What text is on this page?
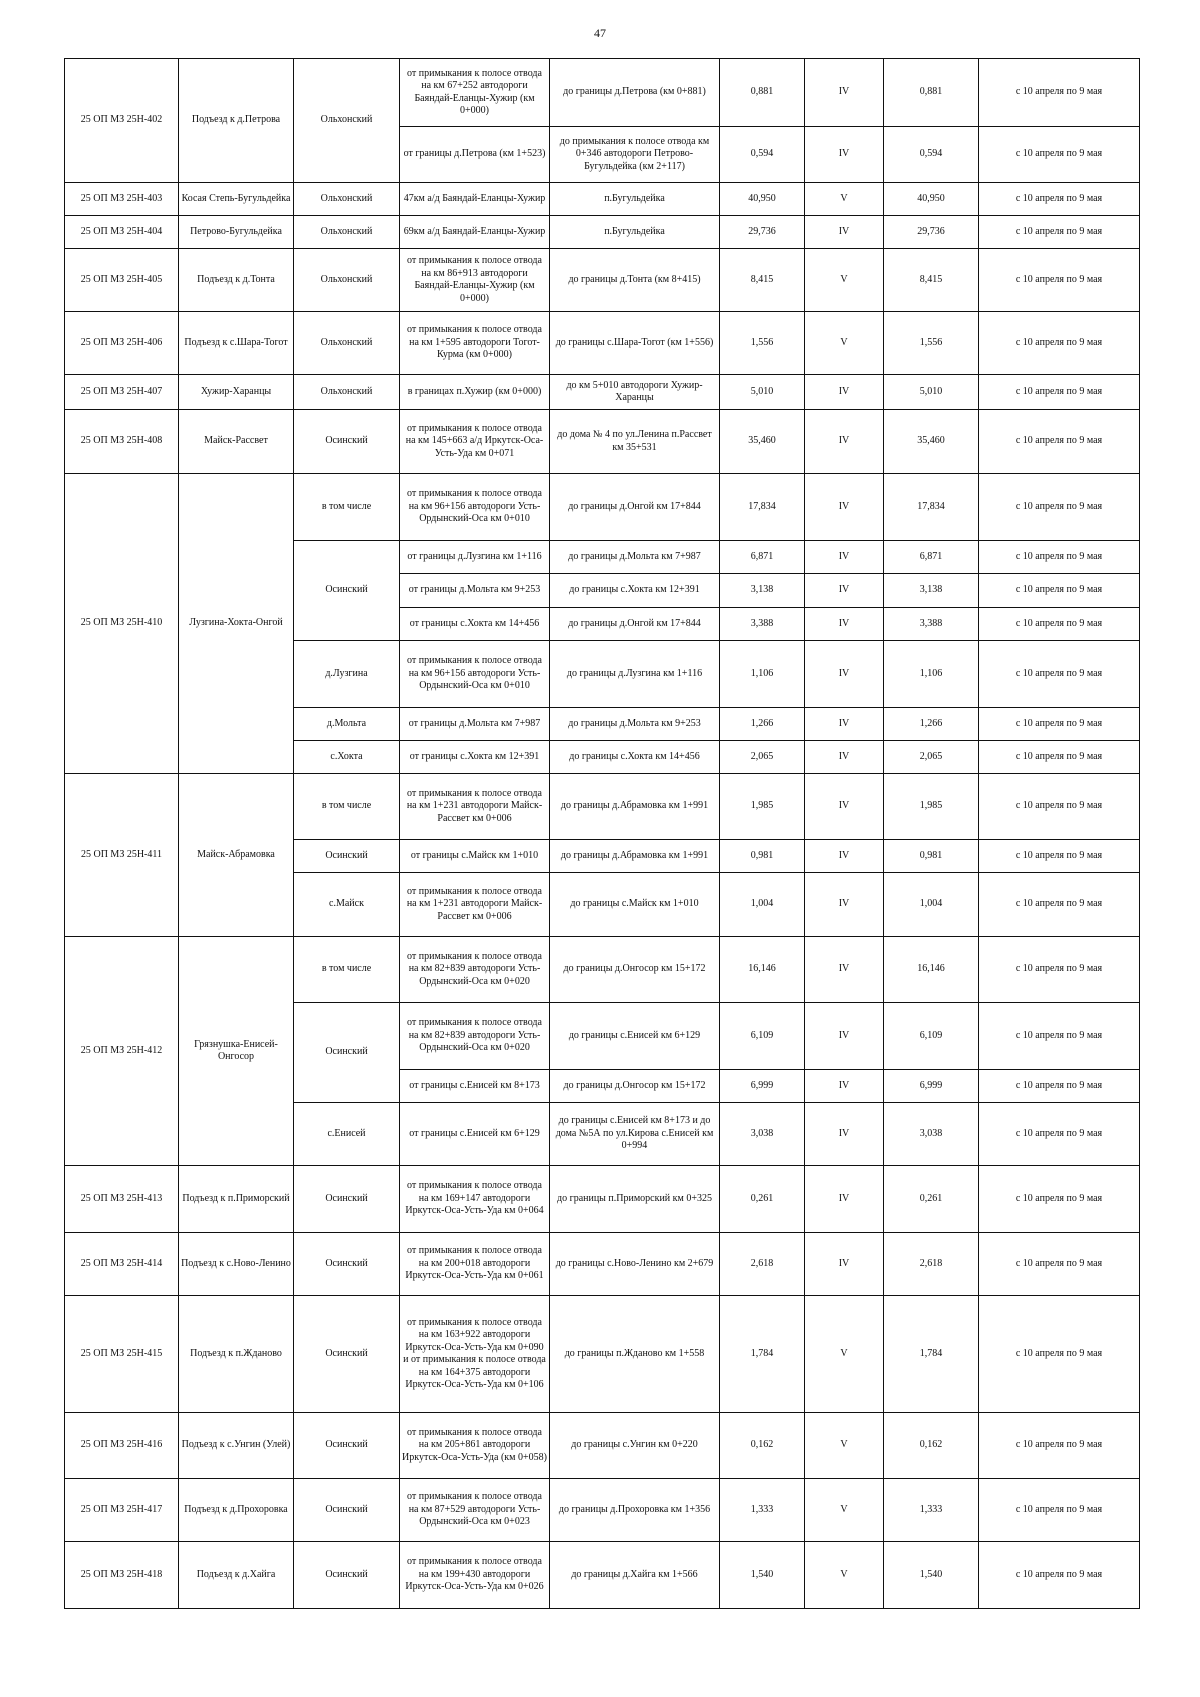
47
25 ОП МЗ 25Н-402	Подъезд к д.Петрова	Ольхонский	от примыкания к полосе отвода на км 67+252 автодороги Баяндай-Еланцы-Хужир (км 0+000)	до границы д.Петрова (км 0+881)	0,881	IV	0,881	с 10 апреля по 9 мая
			от границы д.Петрова (км 1+523)	до примыкания к полосе отвода км 0+346 автодороги Петрово-Бугульдейка (км 2+117)	0,594	IV	0,594	с 10 апреля по 9 мая
25 ОП МЗ 25Н-403	Косая Степь-Бугульдейка	Ольхонский	47км а/д Баяндай-Еланцы-Хужир	п.Бугульдейка	40,950	V	40,950	с 10 апреля по 9 мая
25 ОП МЗ 25Н-404	Петрово-Бугульдейка	Ольхонский	69км а/д Баяндай-Еланцы-Хужир	п.Бугульдейка	29,736	IV	29,736	с 10 апреля по 9 мая
25 ОП МЗ 25Н-405	Подъезд к д.Тонта	Ольхонский	от примыкания к полосе отвода на км 86+913 автодороги Баяндай-Еланцы-Хужир (км 0+000)	до границы д.Тонта (км 8+415)	8,415	V	8,415	с 10 апреля по 9 мая
25 ОП МЗ 25Н-406	Подъезд к с.Шара-Тогот	Ольхонский	от примыкания к полосе отвода на км 1+595 автодороги Тогот-Курма (км 0+000)	до границы с.Шара-Тогот (км 1+556)	1,556	V	1,556	с 10 апреля по 9 мая
25 ОП МЗ 25Н-407	Хужир-Харанцы	Ольхонский	в границах п.Хужир (км 0+000)	до км 5+010 автодороги Хужир-Харанцы	5,010	IV	5,010	с 10 апреля по 9 мая
25 ОП МЗ 25Н-408	Майск-Рассвет	Осинский	от примыкания к полосе отвода на км 145+663 а/д Иркутск-Оса-Усть-Уда км 0+071	до дома № 4 по ул.Ленина п.Рассвет км 35+531	35,460	IV	35,460	с 10 апреля по 9 мая
25 ОП МЗ 25Н-410	Лузгина-Хокта-Онгой	в том числе	от примыкания к полосе отвода на км 96+156 автодороги Усть-Ордынский-Оса км 0+010	до границы д.Онгой км 17+844	17,834	IV	17,834	с 10 апреля по 9 мая
		Осинский	от границы д.Лузгина км 1+116	до границы д.Мольта км 7+987	6,871	IV	6,871	с 10 апреля по 9 мая
			от границы д.Мольта км 9+253	до границы с.Хокта км 12+391	3,138	IV	3,138	с 10 апреля по 9 мая
			от границы с.Хокта км 14+456	до границы д.Онгой км 17+844	3,388	IV	3,388	с 10 апреля по 9 мая
		д.Лузгина	от примыкания к полосе отвода на км 96+156 автодороги Усть-Ордынский-Оса км 0+010	до границы д.Лузгина км 1+116	1,106	IV	1,106	с 10 апреля по 9 мая
		д.Мольта	от границы д.Мольта км 7+987	до границы д.Мольта км 9+253	1,266	IV	1,266	с 10 апреля по 9 мая
		с.Хокта	от границы с.Хокта км 12+391	до границы с.Хокта км 14+456	2,065	IV	2,065	с 10 апреля по 9 мая
25 ОП МЗ 25Н-411	Майск-Абрамовка	в том числе	от примыкания к полосе отвода на км 1+231 автодороги Майск-Рассвет км 0+006	до границы д.Абрамовка км 1+991	1,985	IV	1,985	с 10 апреля по 9 мая
		Осинский	от границы с.Майск км 1+010	до границы д.Абрамовка км 1+991	0,981	IV	0,981	с 10 апреля по 9 мая
		с.Майск	от примыкания к полосе отвода на км 1+231 автодороги Майск-Рассвет км 0+006	до границы с.Майск км 1+010	1,004	IV	1,004	с 10 апреля по 9 мая
25 ОП МЗ 25Н-412	Грязнушка-Енисей-Онгосор	в том числе	от примыкания к полосе отвода на км 82+839 автодороги Усть-Ордынский-Оса км 0+020	до границы д.Онгосор км 15+172	16,146	IV	16,146	с 10 апреля по 9 мая
		Осинский	от примыкания к полосе отвода на км 82+839 автодороги Усть-Ордынский-Оса км 0+020	до границы с.Енисей км 6+129	6,109	IV	6,109	с 10 апреля по 9 мая
			от границы с.Енисей км 8+173	до границы д.Онгосор км 15+172	6,999	IV	6,999	с 10 апреля по 9 мая
		с.Енисей	от границы с.Енисей км 6+129	до границы с.Енисей км 8+173 и до дома №5А по ул.Кирова с.Енисей км 0+994	3,038	IV	3,038	с 10 апреля по 9 мая
25 ОП МЗ 25Н-413	Подъезд к п.Приморский	Осинский	от примыкания к полосе отвода на км 169+147 автодороги Иркутск-Оса-Усть-Уда км 0+064	до границы п.Приморский км 0+325	0,261	IV	0,261	с 10 апреля по 9 мая
25 ОП МЗ 25Н-414	Подъезд к с.Ново-Ленино	Осинский	от примыкания к полосе отвода на км 200+018 автодороги Иркутск-Оса-Усть-Уда км 0+061	до границы с.Ново-Ленино км 2+679	2,618	IV	2,618	с 10 апреля по 9 мая
25 ОП МЗ 25Н-415	Подъезд к п.Жданово	Осинский	от примыкания к полосе отвода на км 163+922 автодороги Иркутск-Оса-Усть-Уда км 0+090 и от примыкания к полосе отвода на км 164+375 автодороги Иркутск-Оса-Усть-Уда км 0+106	до границы п.Жданово км 1+558	1,784	V	1,784	с 10 апреля по 9 мая
25 ОП МЗ 25Н-416	Подъезд к с.Унгин (Улей)	Осинский	от примыкания к полосе отвода на км 205+861 автодороги Иркутск-Оса-Усть-Уда (км 0+058)	до границы с.Унгин км 0+220	0,162	V	0,162	с 10 апреля по 9 мая
25 ОП МЗ 25Н-417	Подъезд к д.Прохоровка	Осинский	от примыкания к полосе отвода на км 87+529 автодороги Усть-Ордынский-Оса км 0+023	до границы д.Прохоровка км 1+356	1,333	V	1,333	с 10 апреля по 9 мая
25 ОП МЗ 25Н-418	Подъезд к д.Хайга	Осинский	от примыкания к полосе отвода на км 199+430 автодороги Иркутск-Оса-Усть-Уда км 0+026	до границы д.Хайга км 1+566	1,540	V	1,540	с 10 апреля по 9 мая
